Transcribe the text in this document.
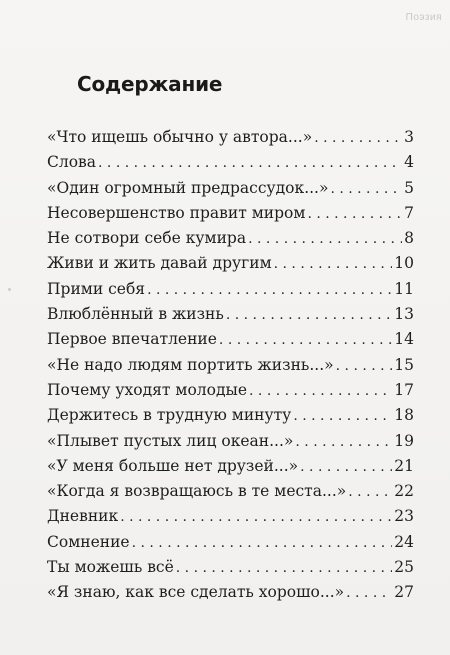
Поэзия
Содержание
«Что ищешь обычно у автора...» . . .	3
Слова . . .	4
«Один огромный предрассудок...» . . .	5
Несовершенство правит миром . . .	7
Не сотвори себе кумира . . .	8
Живи и жить давай другим . . .	10
Прими себя . . .	11
Влюблённый в жизнь . . .	13
Первое впечатление . . .	14
«Не надо людям портить жизнь...» . . .	15
Почему уходят молодые . . .	17
Держитесь в трудную минуту . . .	18
«Плывет пустых лиц океан...» . . .	19
«У меня больше нет друзей...» . . .	21
«Когда я возвращаюсь в те места...» . . .	22
Дневник . . .	23
Сомнение . . .	24
Ты можешь всё . . .	25
«Я знаю, как все сделать хорошо...» . . .	27
